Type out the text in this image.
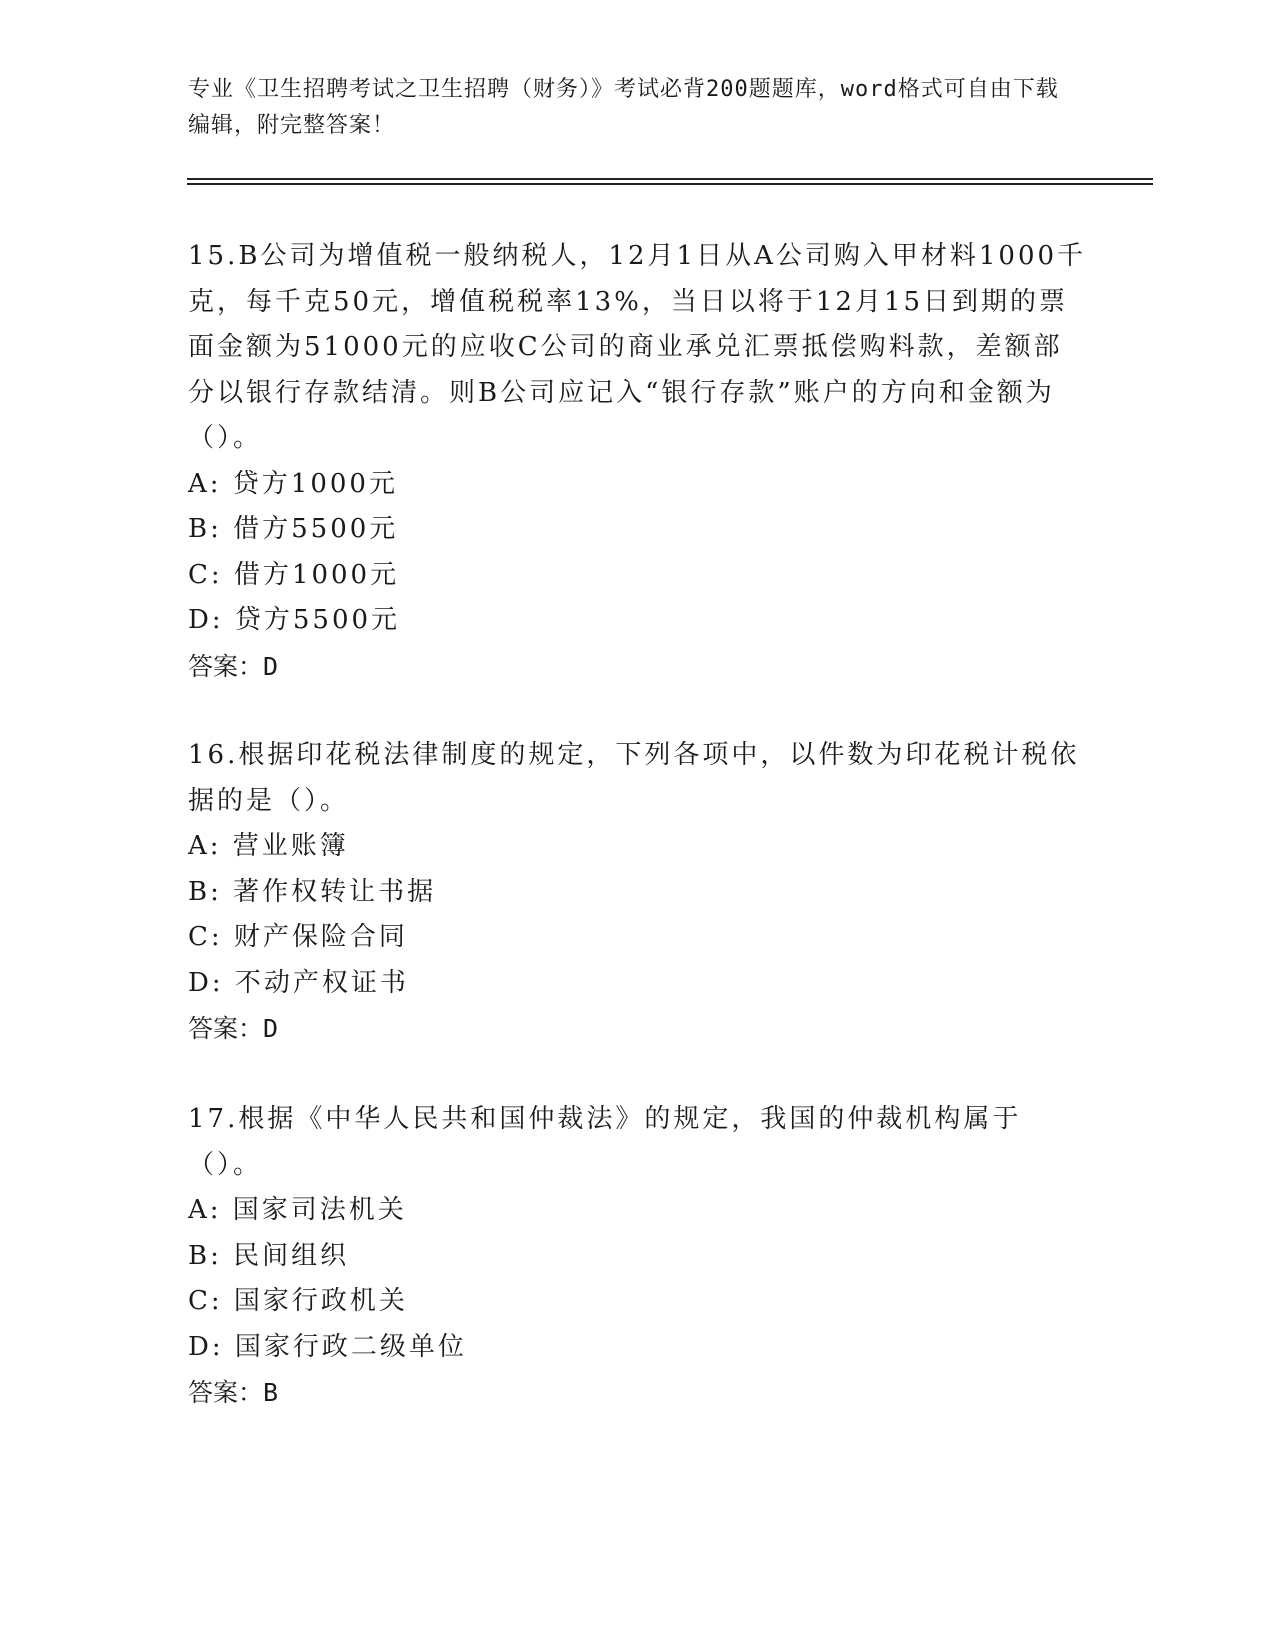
专业《卫生招聘考试之卫生招聘（财务）》考试必背200题题库，word格式可自由下载编辑，附完整答案！

15.B公司为增值税一般纳税人，12月1日从A公司购入甲材料1000千克，每千克50元，增值税税率13%，当日以将于12月15日到期的票面金额为51000元的应收C公司的商业承兑汇票抵偿购料款，差额部分以银行存款结清。则B公司应记入“银行存款”账户的方向和金额为（）。

A: 贷方1000元

B: 借方5500元

C: 借方1000元

D: 贷方5500元

答案：D

16.根据印花税法律制度的规定，下列各项中，以件数为印花税计税依据的是（）。

A: 营业账簿

B: 著作权转让书据

C: 财产保险合同

D: 不动产权证书

答案：D

17.根据《中华人民共和国仲裁法》的规定，我国的仲裁机构属于（）。

A: 国家司法机关

B: 民间组织

C: 国家行政机关

D: 国家行政二级单位

答案：B
